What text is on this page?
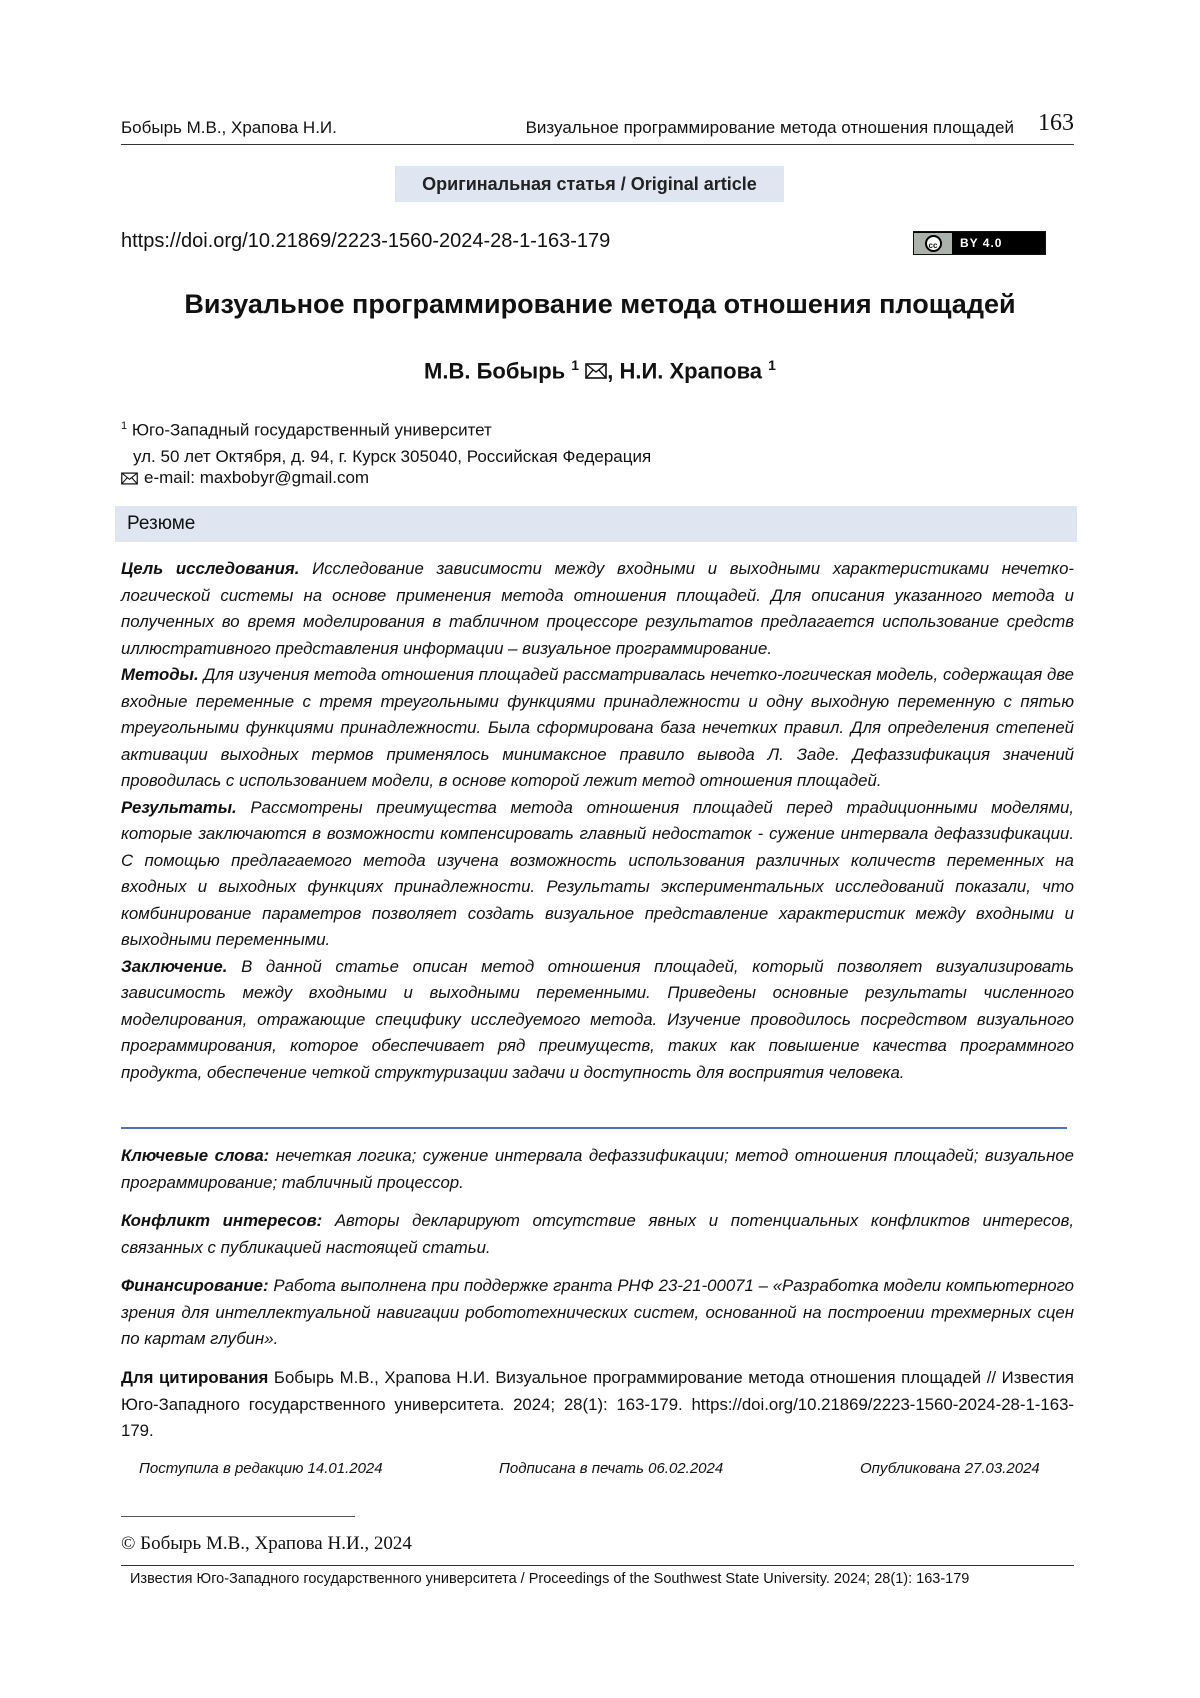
Бобырь М.В., Храпова Н.И.	Визуальное программирование метода отношения площадей 163
Оригинальная статья / Original article
https://doi.org/10.21869/2223-1560-2024-28-1-163-179	cc	BY 4.0
Визуальное программирование метода отношения площадей
М.В. Бобырь $^1$ , Н.И. Храпова $^1$
$^1$ Юго-Западный государственный университет
ул. 50 лет Октября, д. 94, г. Курск 305040, Российская Федерация
e-mail: maxbobyr@gmail.com
Резюме

Цель исследования. Исследование зависимости между входными и выходными характеристиками нечетко-логической системы на основе применения метода отношения площадей. Для описания указанного метода и полученных во время моделирования в табличном процессоре результатов предлагается использование средств иллюстративного представления информации – визуальное программирование.

Методы. Для изучения метода отношения площадей рассматривалась нечетко-логическая модель, содержащая две входные переменные с тремя треугольными функциями принадлежности и одну выходную переменную с пятью треугольными функциями принадлежности. Была сформирована база нечетких правил. Для определения степеней активации выходных термов применялось минимаксное правило вывода Л. Заде. Дефаззификация значений проводилась с использованием модели, в основе которой лежит метод отношения площадей.

Результаты. Рассмотрены преимущества метода отношения площадей перед традиционными моделями, которые заключаются в возможности компенсировать главный недостаток - сужение интервала дефаззификации. С помощью предлагаемого метода изучена возможность использования различных количеств переменных на входных и выходных функциях принадлежности. Результаты экспериментальных исследований показали, что комбинирование параметров позволяет создать визуальное представление характеристик между входными и выходными переменными.

Заключение. В данной статье описан метод отношения площадей, который позволяет визуализировать зависимость между входными и выходными переменными. Приведены основные результаты численного моделирования, отражающие специфику исследуемого метода. Изучение проводилось посредством визуального программирования, которое обеспечивает ряд преимуществ, таких как повышение качества программного продукта, обеспечение четкой структуризации задачи и доступность для восприятия человека.

Ключевые слова: нечеткая логика; сужение интервала дефаззификации; метод отношения площадей; визуальное программирование; табличный процессор.

Конфликт интересов: Авторы декларируют отсутствие явных и потенциальных конфликтов интересов, связанных с публикацией настоящей статьи.

Финансирование: Работа выполнена при поддержке гранта РНФ 23-21-00071 – «Разработка модели компьютерного зрения для интеллектуальной навигации робототехнических систем, основанной на построении трехмерных сцен по картам глубин».

Для цитирования Бобырь М.В., Храпова Н.И. Визуальное программирование метода отношения площадей // Известия Юго-Западного государственного университета. 2024; 28(1): 163-179. https://doi.org/10.21869/2223-1560-2024-28-1-163-179.

Поступила в редакцию 14.01.2024	Подписана в печать 06.02.2024	Опубликована 27.03.2024
© Бобырь М.В., Храпова Н.И., 2024
Известия Юго-Западного государственного университета / Proceedings of the Southwest State University. 2024; 28(1): 163-179
